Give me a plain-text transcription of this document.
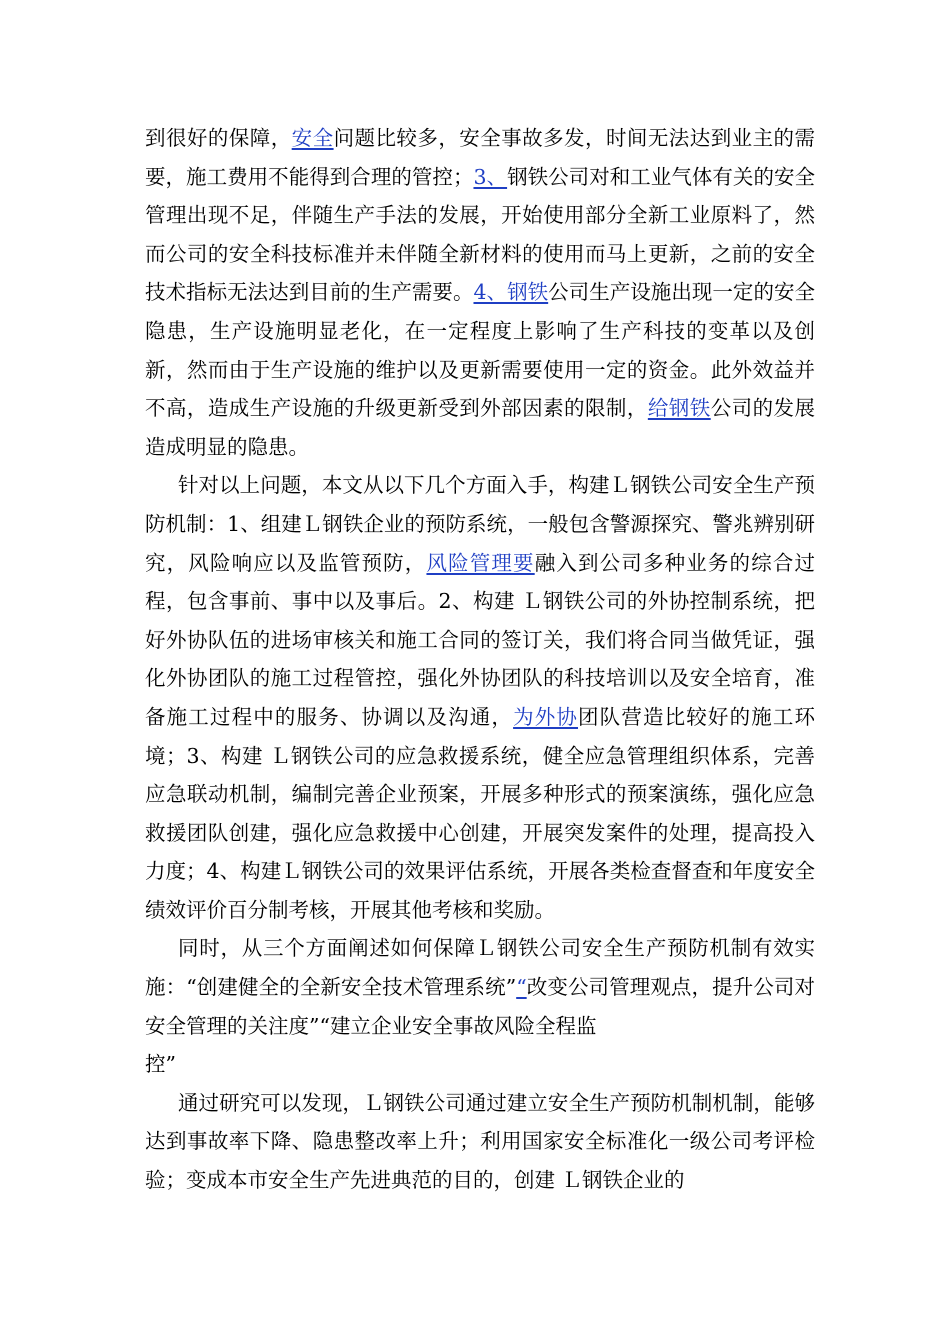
到很好的保障，安全问题比较多，安全事故多发，时间无法达到业主的需要，施工费用不能得到合理的管控；3、钢铁公司对和工业气体有关的安全管理出现不足，伴随生产手法的发展，开始使用部分全新工业原料了，然而公司的安全科技标准并未伴随全新材料的使用而马上更新，之前的安全技术指标无法达到目前的生产需要。4、钢铁公司生产设施出现一定的安全隐患，生产设施明显老化，在一定程度上影响了生产科技的变革以及创新，然而由于生产设施的维护以及更新需要使用一定的资金。此外效益并不高，造成生产设施的升级更新受到外部因素的限制，给钢铁公司的发展造成明显的隐患。

针对以上问题，本文从以下几个方面入手，构建Ｌ钢铁公司安全生产预防机制：1、组建Ｌ钢铁企业的预防系统，一般包含警源探究、警兆辨别研究，风险响应以及监管预防，风险管理要融入到公司多种业务的综合过程，包含事前、事中以及事后。2、构建 Ｌ钢铁公司的外协控制系统，把好外协队伍的进场审核关和施工合同的签订关，我们将合同当做凭证，强化外协团队的施工过程管控，强化外协团队的科技培训以及安全培育，准备施工过程中的服务、协调以及沟通，为外协团队营造比较好的施工环境；3、构建 Ｌ钢铁公司的应急救援系统，健全应急管理组织体系，完善应急联动机制，编制完善企业预案，开展多种形式的预案演练，强化应急救援团队创建，强化应急救援中心创建，开展突发案件的处理，提高投入力度；4、构建Ｌ钢铁公司的效果评估系统，开展各类检查督查和年度安全绩效评价百分制考核，开展其他考核和奖励。

同时，从三个方面阐述如何保障Ｌ钢铁公司安全生产预防机制有效实施：“创建健全的全新安全技术管理系统”“改变公司管理观点，提升公司对安全管理的关注度”“建立企业安全事故风险全程监
控”

通过研究可以发现，Ｌ钢铁公司通过建立安全生产预防机制机制，能够达到事故率下降、隐患整改率上升；利用国家安全标准化一级公司考评检验；变成本市安全生产先进典范的目的，创建 Ｌ钢铁企业的
